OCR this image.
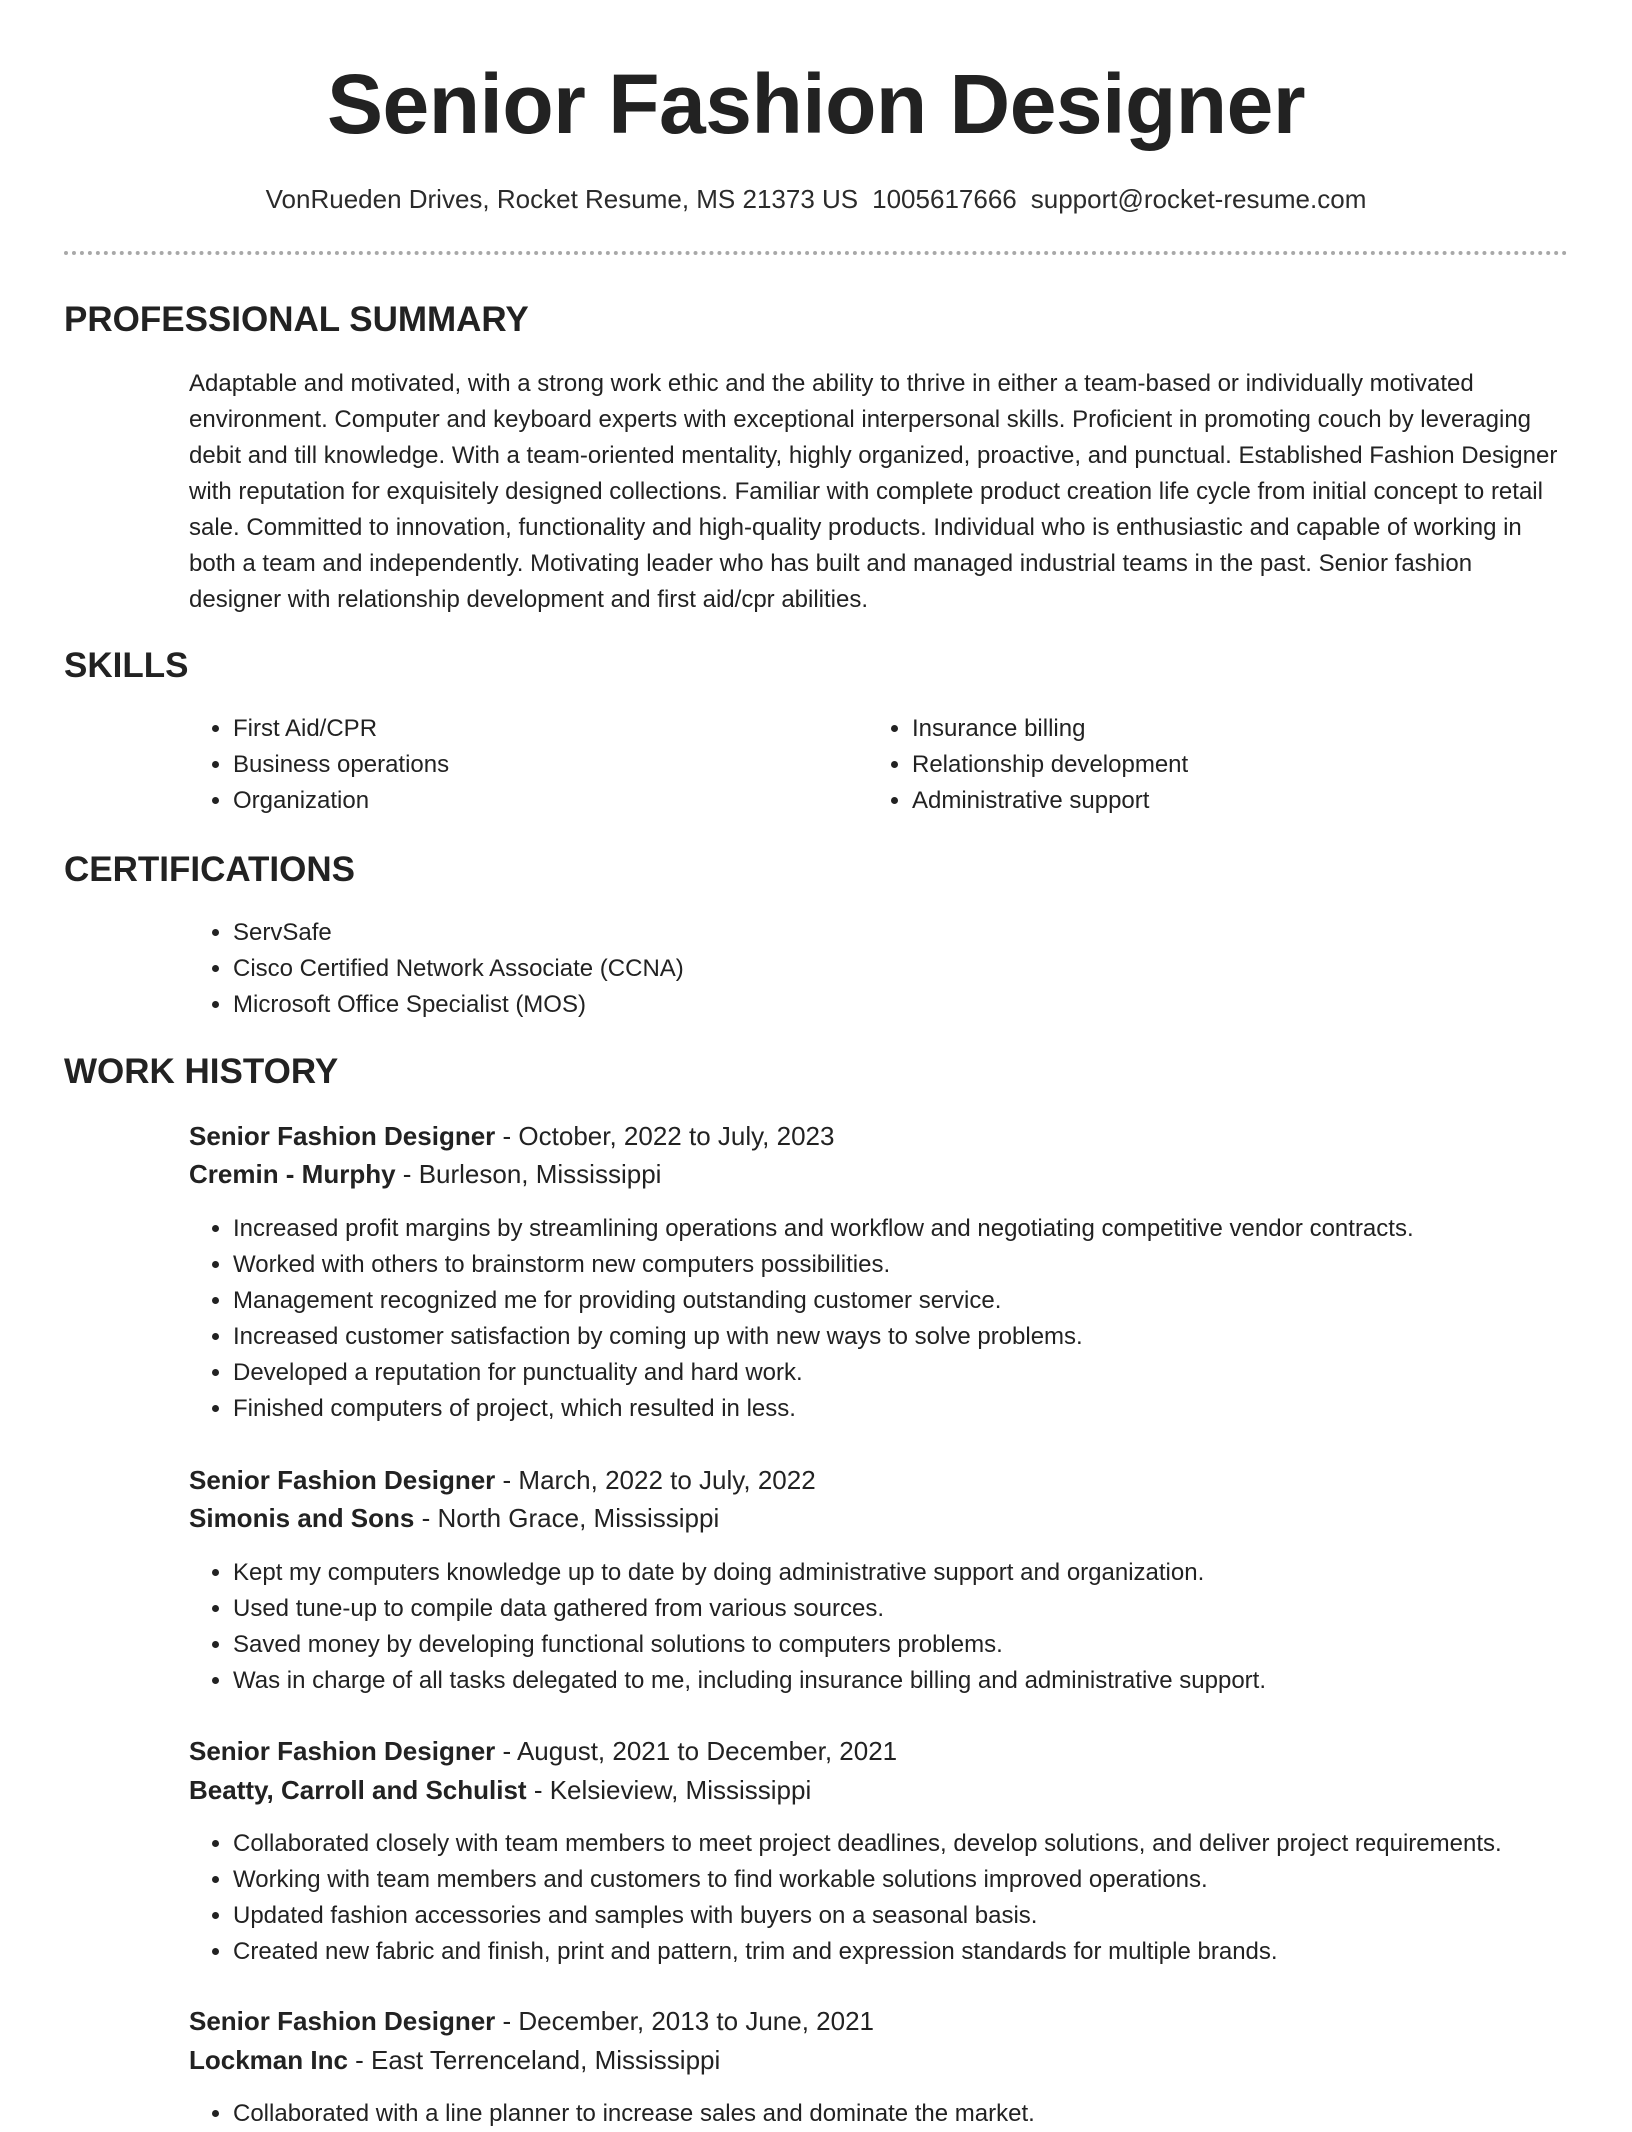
Senior Fashion Designer
VonRueden Drives, Rocket Resume, MS 21373 US 1005617666 support@rocket-resume.com
PROFESSIONAL SUMMARY

Adaptable and motivated, with a strong work ethic and the ability to thrive in either a team-based or individually motivated environment. Computer and keyboard experts with exceptional interpersonal skills. Proficient in promoting couch by leveraging debit and till knowledge. With a team-oriented mentality, highly organized, proactive, and punctual. Established Fashion Designer with reputation for exquisitely designed collections. Familiar with complete product creation life cycle from initial concept to retail sale. Committed to innovation, functionality and high-quality products. Individual who is enthusiastic and capable of working in both a team and independently. Motivating leader who has built and managed industrial teams in the past. Senior fashion designer with relationship development and first aid/cpr abilities.

SKILLS
• First Aid/CPR
• Business operations
• Organization
• Insurance billing
• Relationship development
• Administrative support
CERTIFICATIONS
• ServSafe
• Cisco Certified Network Associate (CCNA)
• Microsoft Office Specialist (MOS)
WORK HISTORY
Senior Fashion Designer - October, 2022 to July, 2023
Cremin - Murphy - Burleson, Mississippi
• Increased profit margins by streamlining operations and workflow and negotiating competitive vendor contracts.
• Worked with others to brainstorm new computers possibilities.
• Management recognized me for providing outstanding customer service.
• Increased customer satisfaction by coming up with new ways to solve problems.
• Developed a reputation for punctuality and hard work.
• Finished computers of project, which resulted in less.
Senior Fashion Designer - March, 2022 to July, 2022
Simonis and Sons - North Grace, Mississippi
• Kept my computers knowledge up to date by doing administrative support and organization.
• Used tune-up to compile data gathered from various sources.
• Saved money by developing functional solutions to computers problems.
• Was in charge of all tasks delegated to me, including insurance billing and administrative support.
Senior Fashion Designer - August, 2021 to December, 2021
Beatty, Carroll and Schulist - Kelsieview, Mississippi
• Collaborated closely with team members to meet project deadlines, develop solutions, and deliver project requirements.
• Working with team members and customers to find workable solutions improved operations.
• Updated fashion accessories and samples with buyers on a seasonal basis.
• Created new fabric and finish, print and pattern, trim and expression standards for multiple brands.
Senior Fashion Designer - December, 2013 to June, 2021
Lockman Inc - East Terrenceland, Mississippi
• Collaborated with a line planner to increase sales and dominate the market.
